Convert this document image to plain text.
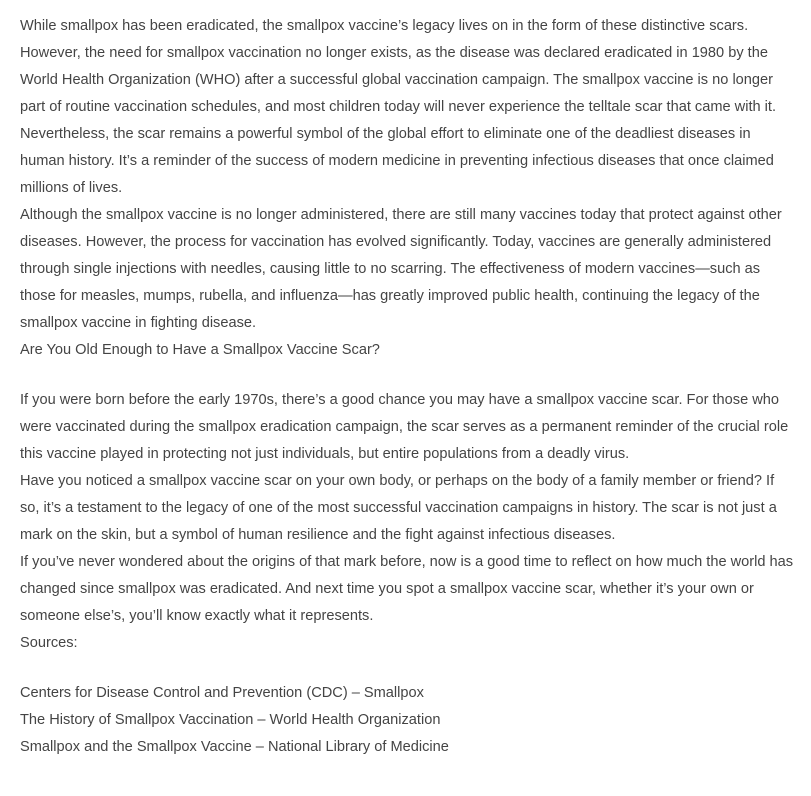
While smallpox has been eradicated, the smallpox vaccine’s legacy lives on in the form of these distinctive scars. However, the need for smallpox vaccination no longer exists, as the disease was declared eradicated in 1980 by the World Health Organization (WHO) after a successful global vaccination campaign. The smallpox vaccine is no longer part of routine vaccination schedules, and most children today will never experience the telltale scar that came with it.

Nevertheless, the scar remains a powerful symbol of the global effort to eliminate one of the deadliest diseases in human history. It’s a reminder of the success of modern medicine in preventing infectious diseases that once claimed millions of lives.

Although the smallpox vaccine is no longer administered, there are still many vaccines today that protect against other diseases. However, the process for vaccination has evolved significantly. Today, vaccines are generally administered through single injections with needles, causing little to no scarring. The effectiveness of modern vaccines—such as those for measles, mumps, rubella, and influenza—has greatly improved public health, continuing the legacy of the smallpox vaccine in fighting disease.

Are You Old Enough to Have a Smallpox Vaccine Scar?

If you were born before the early 1970s, there’s a good chance you may have a smallpox vaccine scar. For those who were vaccinated during the smallpox eradication campaign, the scar serves as a permanent reminder of the crucial role this vaccine played in protecting not just individuals, but entire populations from a deadly virus.

Have you noticed a smallpox vaccine scar on your own body, or perhaps on the body of a family member or friend? If so, it’s a testament to the legacy of one of the most successful vaccination campaigns in history. The scar is not just a mark on the skin, but a symbol of human resilience and the fight against infectious diseases.

If you’ve never wondered about the origins of that mark before, now is a good time to reflect on how much the world has changed since smallpox was eradicated. And next time you spot a smallpox vaccine scar, whether it’s your own or someone else’s, you’ll know exactly what it represents.

Sources:

Centers for Disease Control and Prevention (CDC) – Smallpox

The History of Smallpox Vaccination – World Health Organization

Smallpox and the Smallpox Vaccine – National Library of Medicine
